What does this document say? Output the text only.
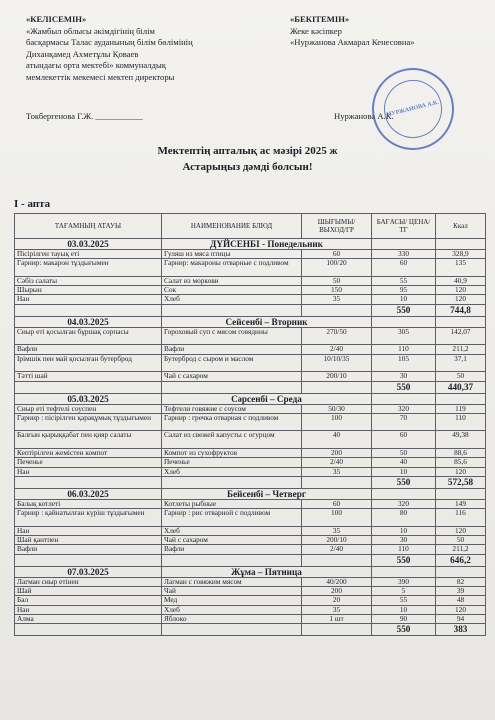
«КЕЛІСЕМІН»
«Жамбыл облысы әкімдігінің білім
басқармасы Талас ауданының білім бөлімінің
Диханқамед Ахметұлы Қоваев
атындағы орта мектебі» коммуналдық
мемлекеттік мекемесі мектеп директоры
«БЕКІТЕМІН»
Жеке кәсіпкер
«Нуржанова Акмарал Кенесовна»
Токбергенова Г.Ж. ___________	Нуржанова А.К.
НУРЖАНОВА А.К.
Мектептің апталық ас мәзірі 2025 ж
Астарыңыз дәмді болсын!
I - апта
ТАҒАМНЫҢ АТАУЫ	НАИМЕНОВАНИЕ БЛЮД	ШЫҒЫМЫ/ ВЫХОД/ГР	БАҒАСЫ/ ЦЕНА/ТГ	Ккал
03.03.2025	ДҮЙСЕНБІ - Понедельник			
Пісірілген тауық еті	Гуляш из мяса птицы	60	330	328,9
Гарнир: макарон тұздығымен	Гарнир: макароны отварные с подливом	100/20	60	135
Сәбіз салаты	Салат из моркови	50	55	40,9
Шырын	Сок	150	95	120
Нан	Хлеб	35	10	120
			550	744,8
04.03.2025	Сейсенбі – Вторник			
Сиыр еті қосылған бұршақ сорпасы	Гороховый суп с мясом говядины	270/50	305	142,07
Вафли	Вафли	2/40	110	211,2
Ірімшік пен май қосылған бутерброд	Бутерброд с сыром и маслом	10/10/35	105	37,1
Тәтті шай	Чай с сахаром	200/10	30	50
			550	440,37
05.03.2025	Сәрсенбі – Среда			
Сиыр еті тефтелі соуспен	Тефтели говяжие с соусом	50/30	320	119
Гарнир : пісірілген қарақұмық тұздығымен	Гарнир : гречка отварная с подливом	100	70	110
Балғын қырыққабат пен қияр салаты	Салат из свежей капусты с огурцом	40	60	49,38
Кептірілген жемістен компот	Компот из сухофруктов	200	50	88,6
Печенье	Печенье	2/40	40	85,6
Нан	Хлеб	35	10	120
			550	572,58
06.03.2025	Бейсенбі – Четверг			
Балық котлеті	Котлеты рыбные	60	320	149
Гарнир : қайнатылған күріш тұздығымен	Гарнир : рис отварной с подливом	100	80	116
Нан	Хлеб	35	10	120
Шай қантпен	Чай с сахаром	200/10	30	50
Вафли	Вафли	2/40	110	211,2
			550	646,2
07.03.2025	Жұма – Пятница			
Лагман сиыр етінен	Лагман с говяжим мясом	40/200	390	82
Шай	Чай	200	5	39
Бал	Мед	20	55	48
Нан	Хлеб	35	10	120
Алма	Яблоко	1 шт	90	94
			550	383
